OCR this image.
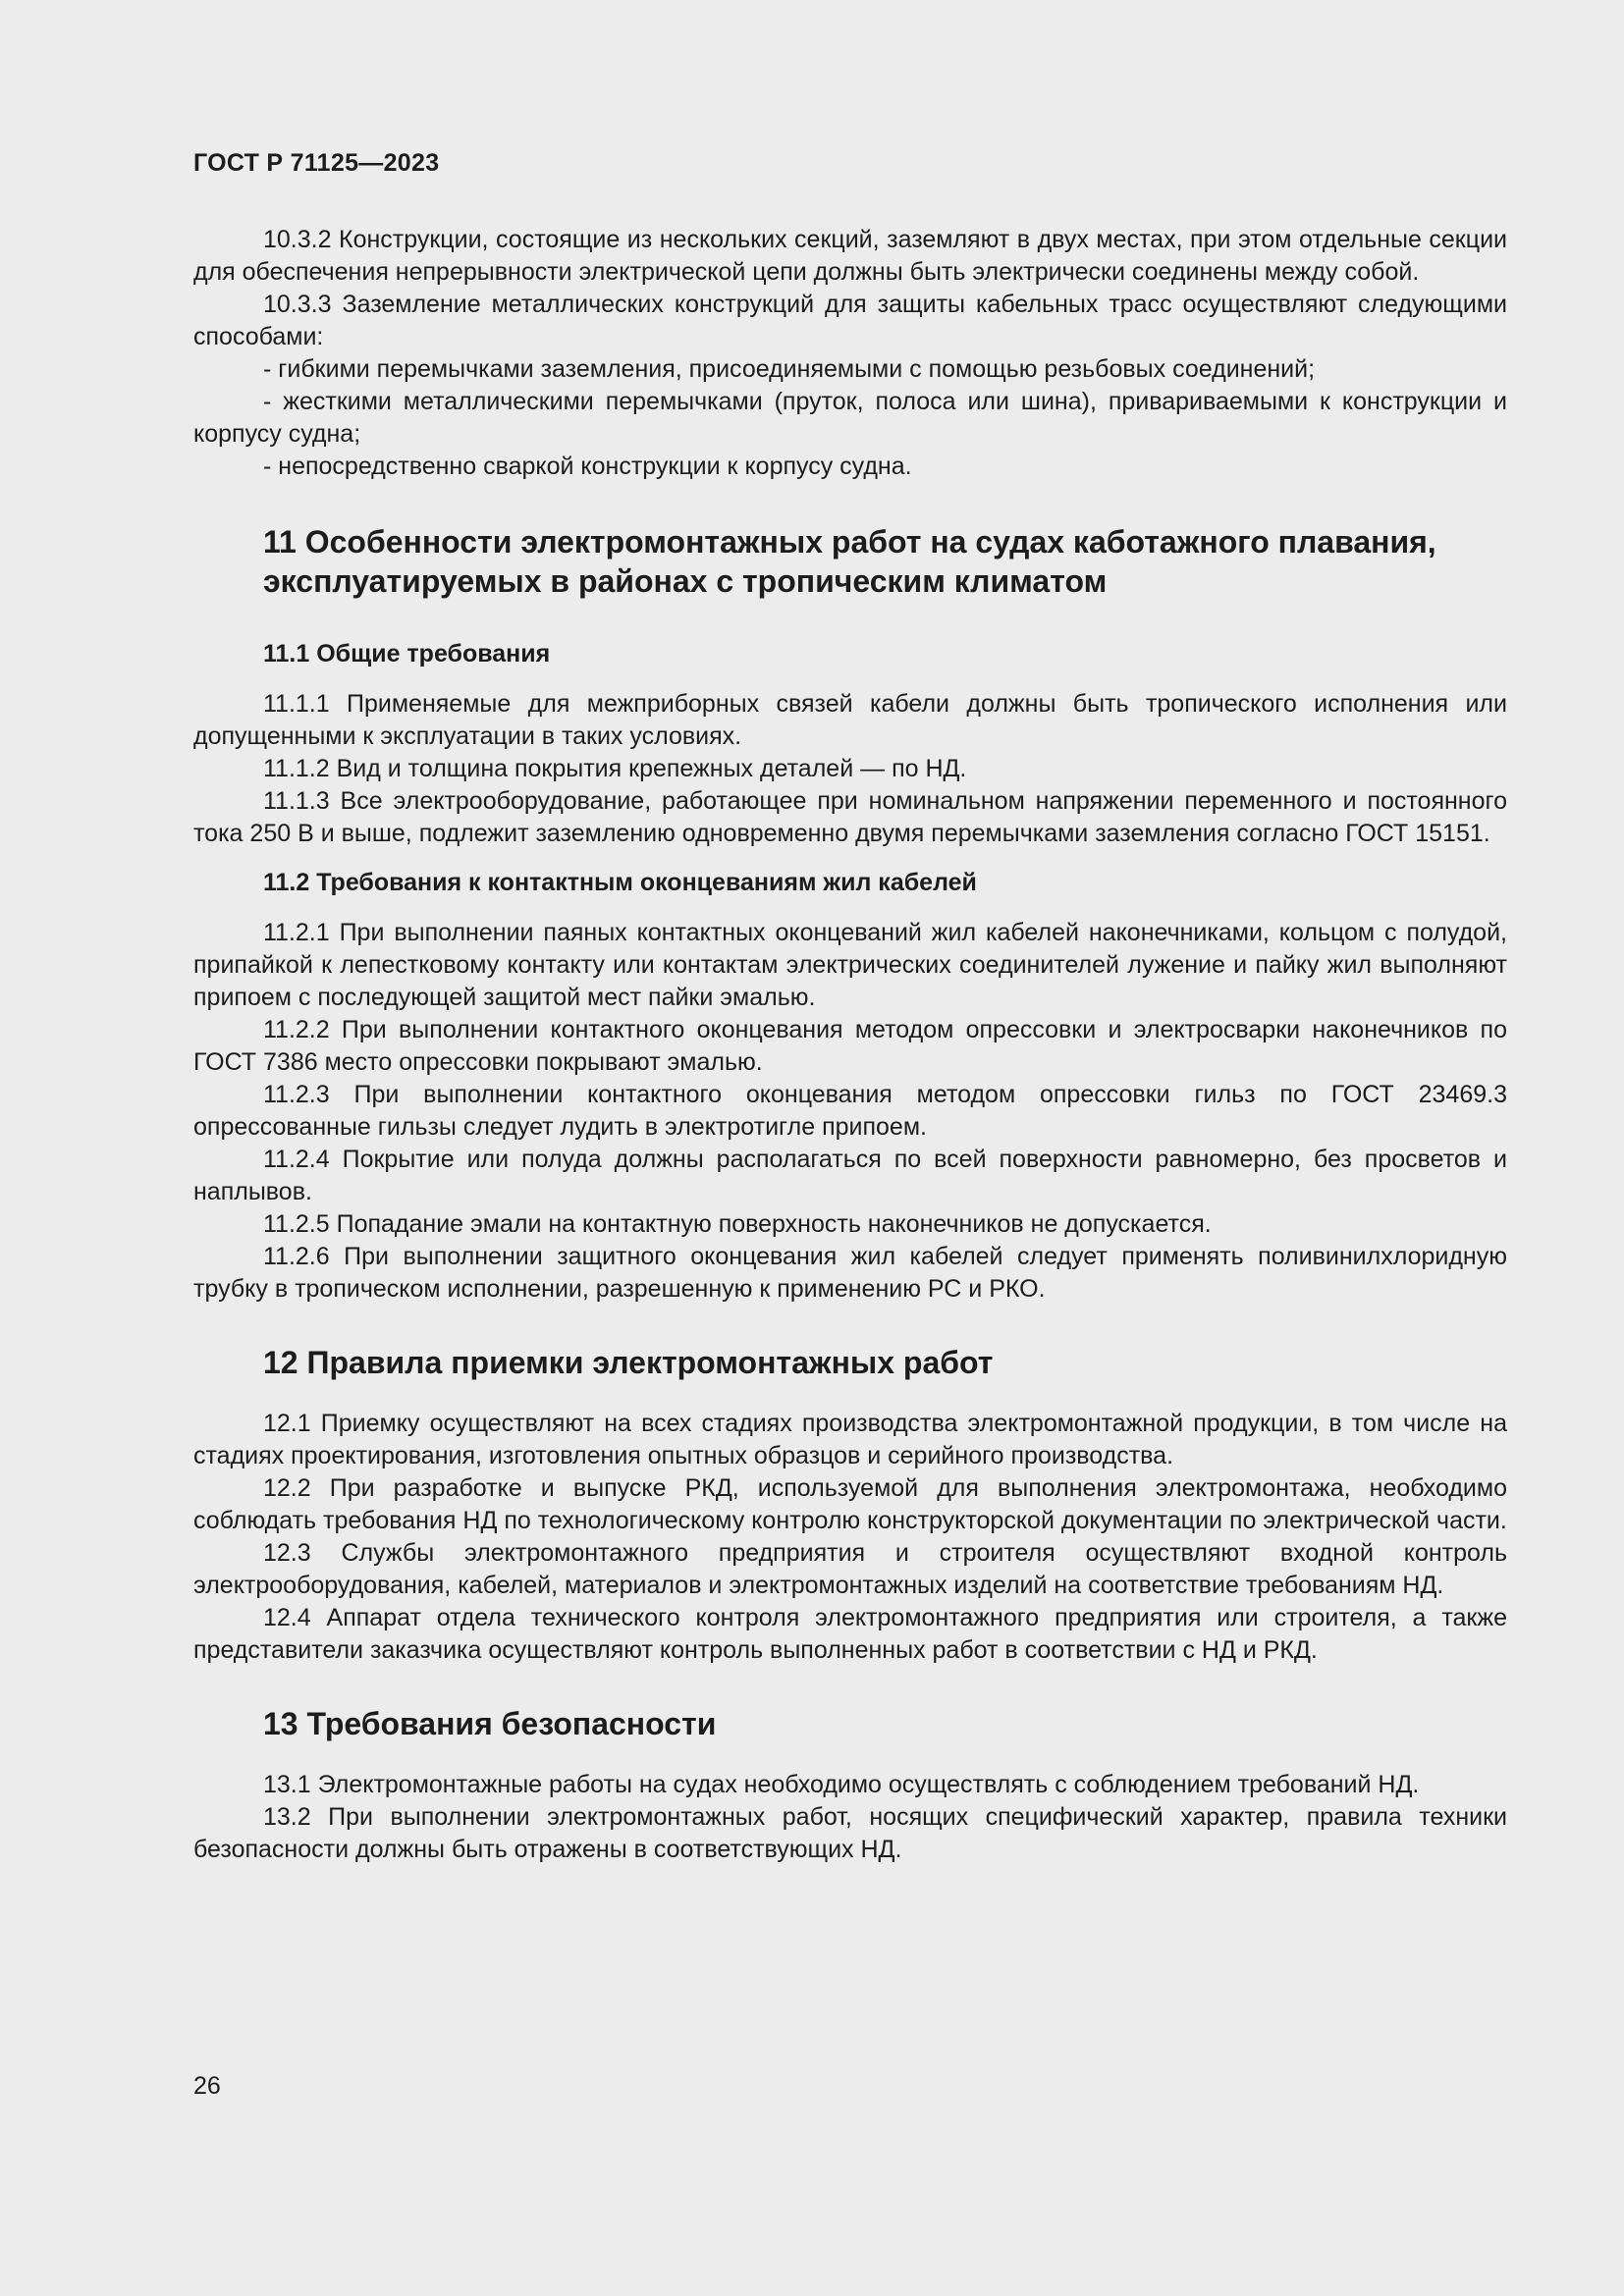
ГОСТ Р 71125—2023

10.3.2 Конструкции, состоящие из нескольких секций, заземляют в двух местах, при этом отдельные секции для обеспечения непрерывности электрической цепи должны быть электрически соединены между собой.

10.3.3 Заземление металлических конструкций для защиты кабельных трасс осуществляют следующими способами:

- гибкими перемычками заземления, присоединяемыми с помощью резьбовых соединений;

- жесткими металлическими перемычками (пруток, полоса или шина), привариваемыми к конструкции и корпусу судна;

- непосредственно сваркой конструкции к корпусу судна.

11 Особенности электромонтажных работ на судах каботажного плавания, эксплуатируемых в районах с тропическим климатом
11.1 Общие требования

11.1.1 Применяемые для межприборных связей кабели должны быть тропического исполнения или допущенными к эксплуатации в таких условиях.

11.1.2 Вид и толщина покрытия крепежных деталей — по НД.

11.1.3 Все электрооборудование, работающее при номинальном напряжении переменного и постоянного тока 250 В и выше, подлежит заземлению одновременно двумя перемычками заземления согласно ГОСТ 15151.

11.2 Требования к контактным оконцеваниям жил кабелей

11.2.1 При выполнении паяных контактных оконцеваний жил кабелей наконечниками, кольцом с полудой, припайкой к лепестковому контакту или контактам электрических соединителей лужение и пайку жил выполняют припоем с последующей защитой мест пайки эмалью.

11.2.2 При выполнении контактного оконцевания методом опрессовки и электросварки наконечников по ГОСТ 7386 место опрессовки покрывают эмалью.

11.2.3 При выполнении контактного оконцевания методом опрессовки гильз по ГОСТ 23469.3 опрессованные гильзы следует лудить в электротигле припоем.

11.2.4 Покрытие или полуда должны располагаться по всей поверхности равномерно, без просветов и наплывов.

11.2.5 Попадание эмали на контактную поверхность наконечников не допускается.

11.2.6 При выполнении защитного оконцевания жил кабелей следует применять поливинилхлоридную трубку в тропическом исполнении, разрешенную к применению РС и РКО.

12 Правила приемки электромонтажных работ

12.1 Приемку осуществляют на всех стадиях производства электромонтажной продукции, в том числе на стадиях проектирования, изготовления опытных образцов и серийного производства.

12.2 При разработке и выпуске РКД, используемой для выполнения электромонтажа, необходимо соблюдать требования НД по технологическому контролю конструкторской документации по электрической части.

12.3 Службы электромонтажного предприятия и строителя осуществляют входной контроль электрооборудования, кабелей, материалов и электромонтажных изделий на соответствие требованиям НД.

12.4 Аппарат отдела технического контроля электромонтажного предприятия или строителя, а также представители заказчика осуществляют контроль выполненных работ в соответствии с НД и РКД.

13 Требования безопасности

13.1 Электромонтажные работы на судах необходимо осуществлять с соблюдением требований НД.

13.2 При выполнении электромонтажных работ, носящих специфический характер, правила техники безопасности должны быть отражены в соответствующих НД.

26
